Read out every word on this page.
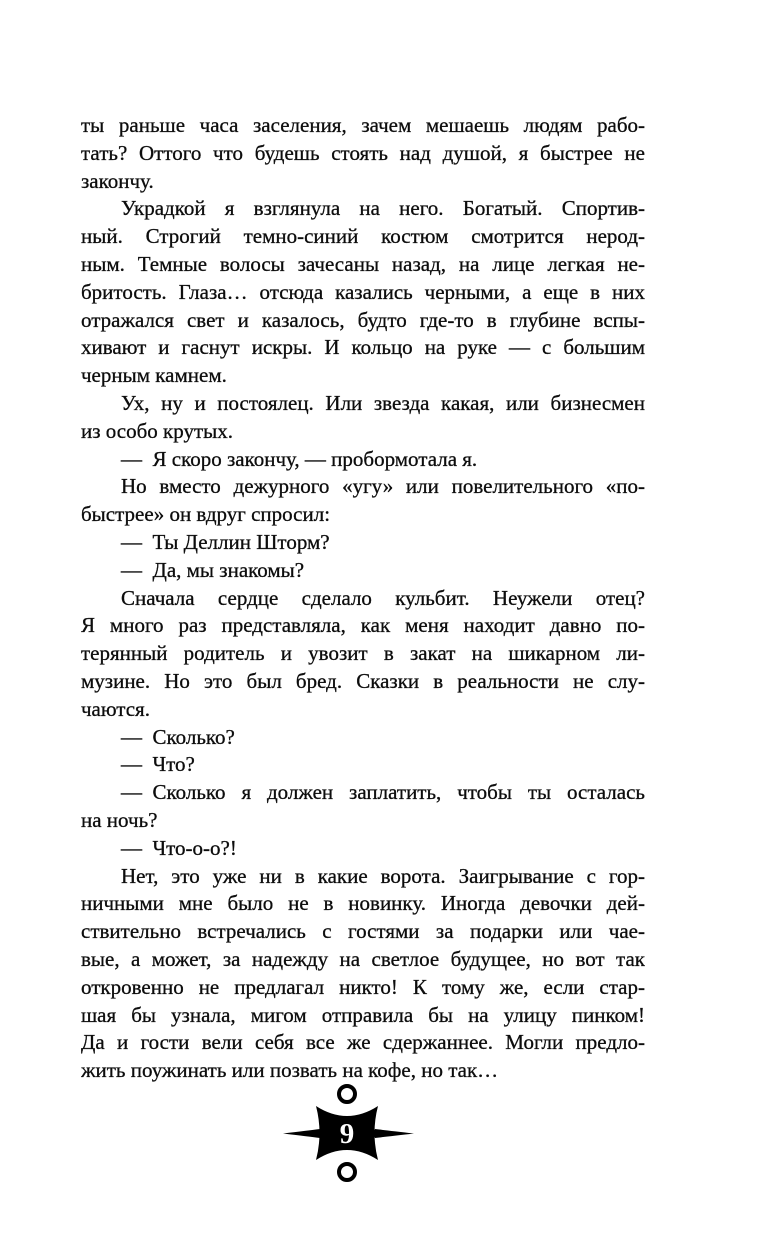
ты раньше часа заселения, зачем мешаешь людям рабо-
тать? Оттого что будешь стоять над душой, я быстрее не
закончу.
Украдкой я взглянула на него. Богатый. Спортив-
ный. Строгий темно-синий костюм смотрится нерод-
ным. Темные волосы зачесаны назад, на лице легкая не-
бритость. Глаза… отсюда казались черными, а еще в них
отражался свет и казалось, будто где-то в глубине вспы-
хивают и гаснут искры. И кольцо на руке — с большим
черным камнем.
Ух, ну и постоялец. Или звезда какая, или бизнесмен
из особо крутых.
— Я скоро закончу, — пробормотала я.
Но вместо дежурного «угу» или повелительного «по-
быстрее» он вдруг спросил:
— Ты Деллин Шторм?
— Да, мы знакомы?
Сначала сердце сделало кульбит. Неужели отец?
Я много раз представляла, как меня находит давно по-
терянный родитель и увозит в закат на шикарном ли-
музине. Но это был бред. Сказки в реальности не слу-
чаются.
— Сколько?
— Что?
— Сколько я должен заплатить, чтобы ты осталась
на ночь?
— Что-о-о?!
Нет, это уже ни в какие ворота. Заигрывание с гор-
ничными мне было не в новинку. Иногда девочки дей-
ствительно встречались с гостями за подарки или чае-
вые, а может, за надежду на светлое будущее, но вот так
откровенно не предлагал никто! К тому же, если стар-
шая бы узнала, мигом отправила бы на улицу пинком!
Да и гости вели себя все же сдержаннее. Могли предло-
жить поужинать или позвать на кофе, но так…
9
